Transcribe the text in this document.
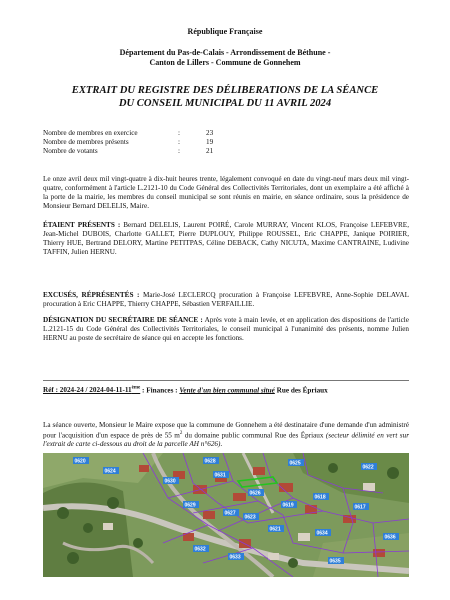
République Française
Département du Pas-de-Calais - Arrondissement de Béthune -
Canton de Lillers - Commune de Gonnehem
EXTRAIT DU REGISTRE DES DÉLIBERATIONS DE LA SÉANCE
DU CONSEIL MUNICIPAL DU 11 AVRIL 2024
Nombre de membres en exercice	:	23
Nombre de membres présents	:	19
Nombre de votants	:	21
Le onze avril deux mil vingt-quatre à dix-huit heures trente, légalement convoqué en date du vingt-neuf mars deux mil vingt-quatre, conformément à l'article L.2121-10 du Code Général des Collectivités Territoriales, dont un exemplaire a été affiché à la porte de la mairie, les membres du conseil municipal se sont réunis en mairie, en séance ordinaire, sous la présidence de Monsieur Bernard DELELIS, Maire.
ÉTAIENT PRÉSENTS : Bernard DELELIS, Laurent POIRÉ, Carole MURRAY, Vincent KLOS, Françoise LEFEBVRE, Jean-Michel DUBOIS, Charlotte GALLET, Pierre DUPLOUY, Philippe ROUSSEL, Eric CHAPPE, Janique POIRIER, Thierry HUE, Bertrand DELORY, Martine PETITPAS, Céline DEBACK, Cathy NICUTA, Maxime CANTRAINE, Ludivine TAFFIN, Julien HERNU.
EXCUSÉS, RÉPRÉSENTÉS : Marie-José LECLERCQ procuration à Françoise LEFEBVRE, Anne-Sophie DELAVAL procuration à Eric CHAPPE, Thierry CHAPPE, Sébastien VERFAILLIE.
DÉSIGNATION DU SECRÉTAIRE DE SÉANCE : Après vote à main levée, et en application des dispositions de l'article L.2121-15 du Code Général des Collectivités Territoriales, le conseil municipal à l'unanimité des présents, nomme Julien HERNU au poste de secrétaire de séance qui en accepte les fonctions.
Réf : 2024-24 / 2024-04-11-11ème : Finances : Vente d'un bien communal situé Rue des Épriaux
La séance ouverte, Monsieur le Maire expose que la commune de Gonnehem a été destinataire d'une demande d'un administré pour l'acquisition d'un espace de près de 55 $m^2$ du domaine public communal Rue des Épriaux (secteur délimité en vert sur l'extrait de carte ci-dessous au droit de la parcelle AH n°626).
0620
0624
0628
0626
0625
0627
0631
0623
0621
0619
0622
0630
0629
0632
0633
0618
0634
0617
0635
0636
